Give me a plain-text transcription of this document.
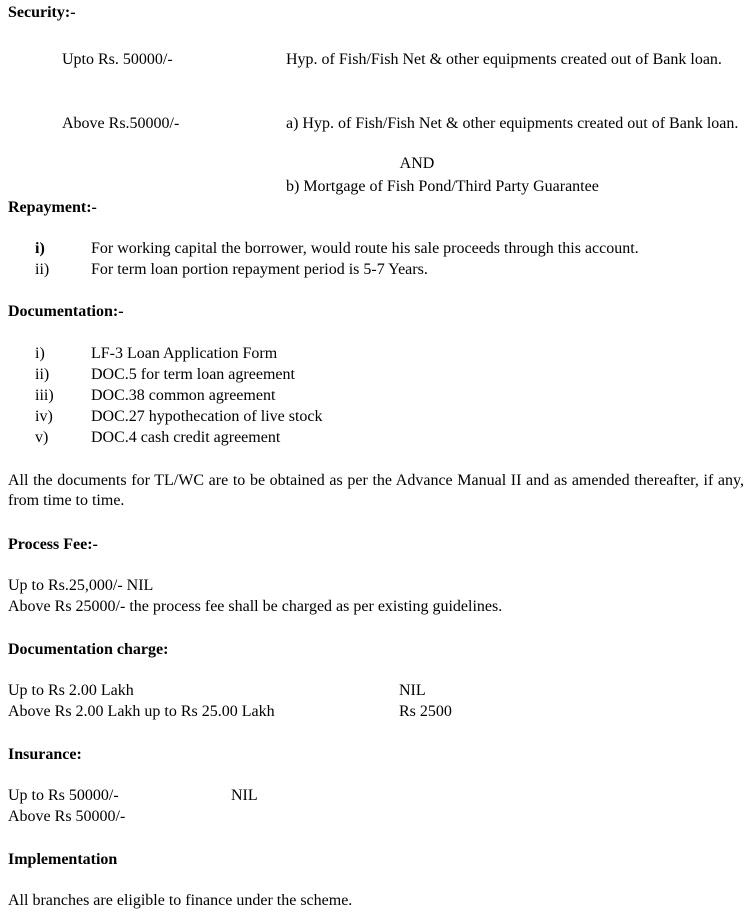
Security:-
Upto Rs. 50000/-	Hyp. of Fish/Fish Net & other equipments created out of Bank loan.
Above Rs.50000/-	a) Hyp. of Fish/Fish Net & other equipments created out of Bank loan.
AND
b) Mortgage of Fish Pond/Third Party Guarantee
Repayment:-
i)	For working capital the borrower, would route his sale proceeds through this account.
ii)	For term loan portion repayment period is 5-7 Years.
Documentation:-
i)	LF-3 Loan Application Form
ii)	DOC.5 for term loan agreement
iii) DOC.38 common agreement
iv) DOC.27 hypothecation of live stock
v)	DOC.4 cash credit agreement
All the documents for TL/WC are to be obtained as per the Advance Manual II and as amended thereafter, if any, from time to time.
Process Fee:-
Up to Rs.25,000/- NIL
Above Rs 25000/- the process fee shall be charged as per existing guidelines.
Documentation charge:
Up to Rs 2.00 Lakh	NIL
Above Rs 2.00 Lakh up to Rs 25.00 Lakh	Rs 2500
Insurance:
Up to Rs 50000/-	NIL
Above Rs 50000/-
Implementation
All branches are eligible to finance under the scheme.
